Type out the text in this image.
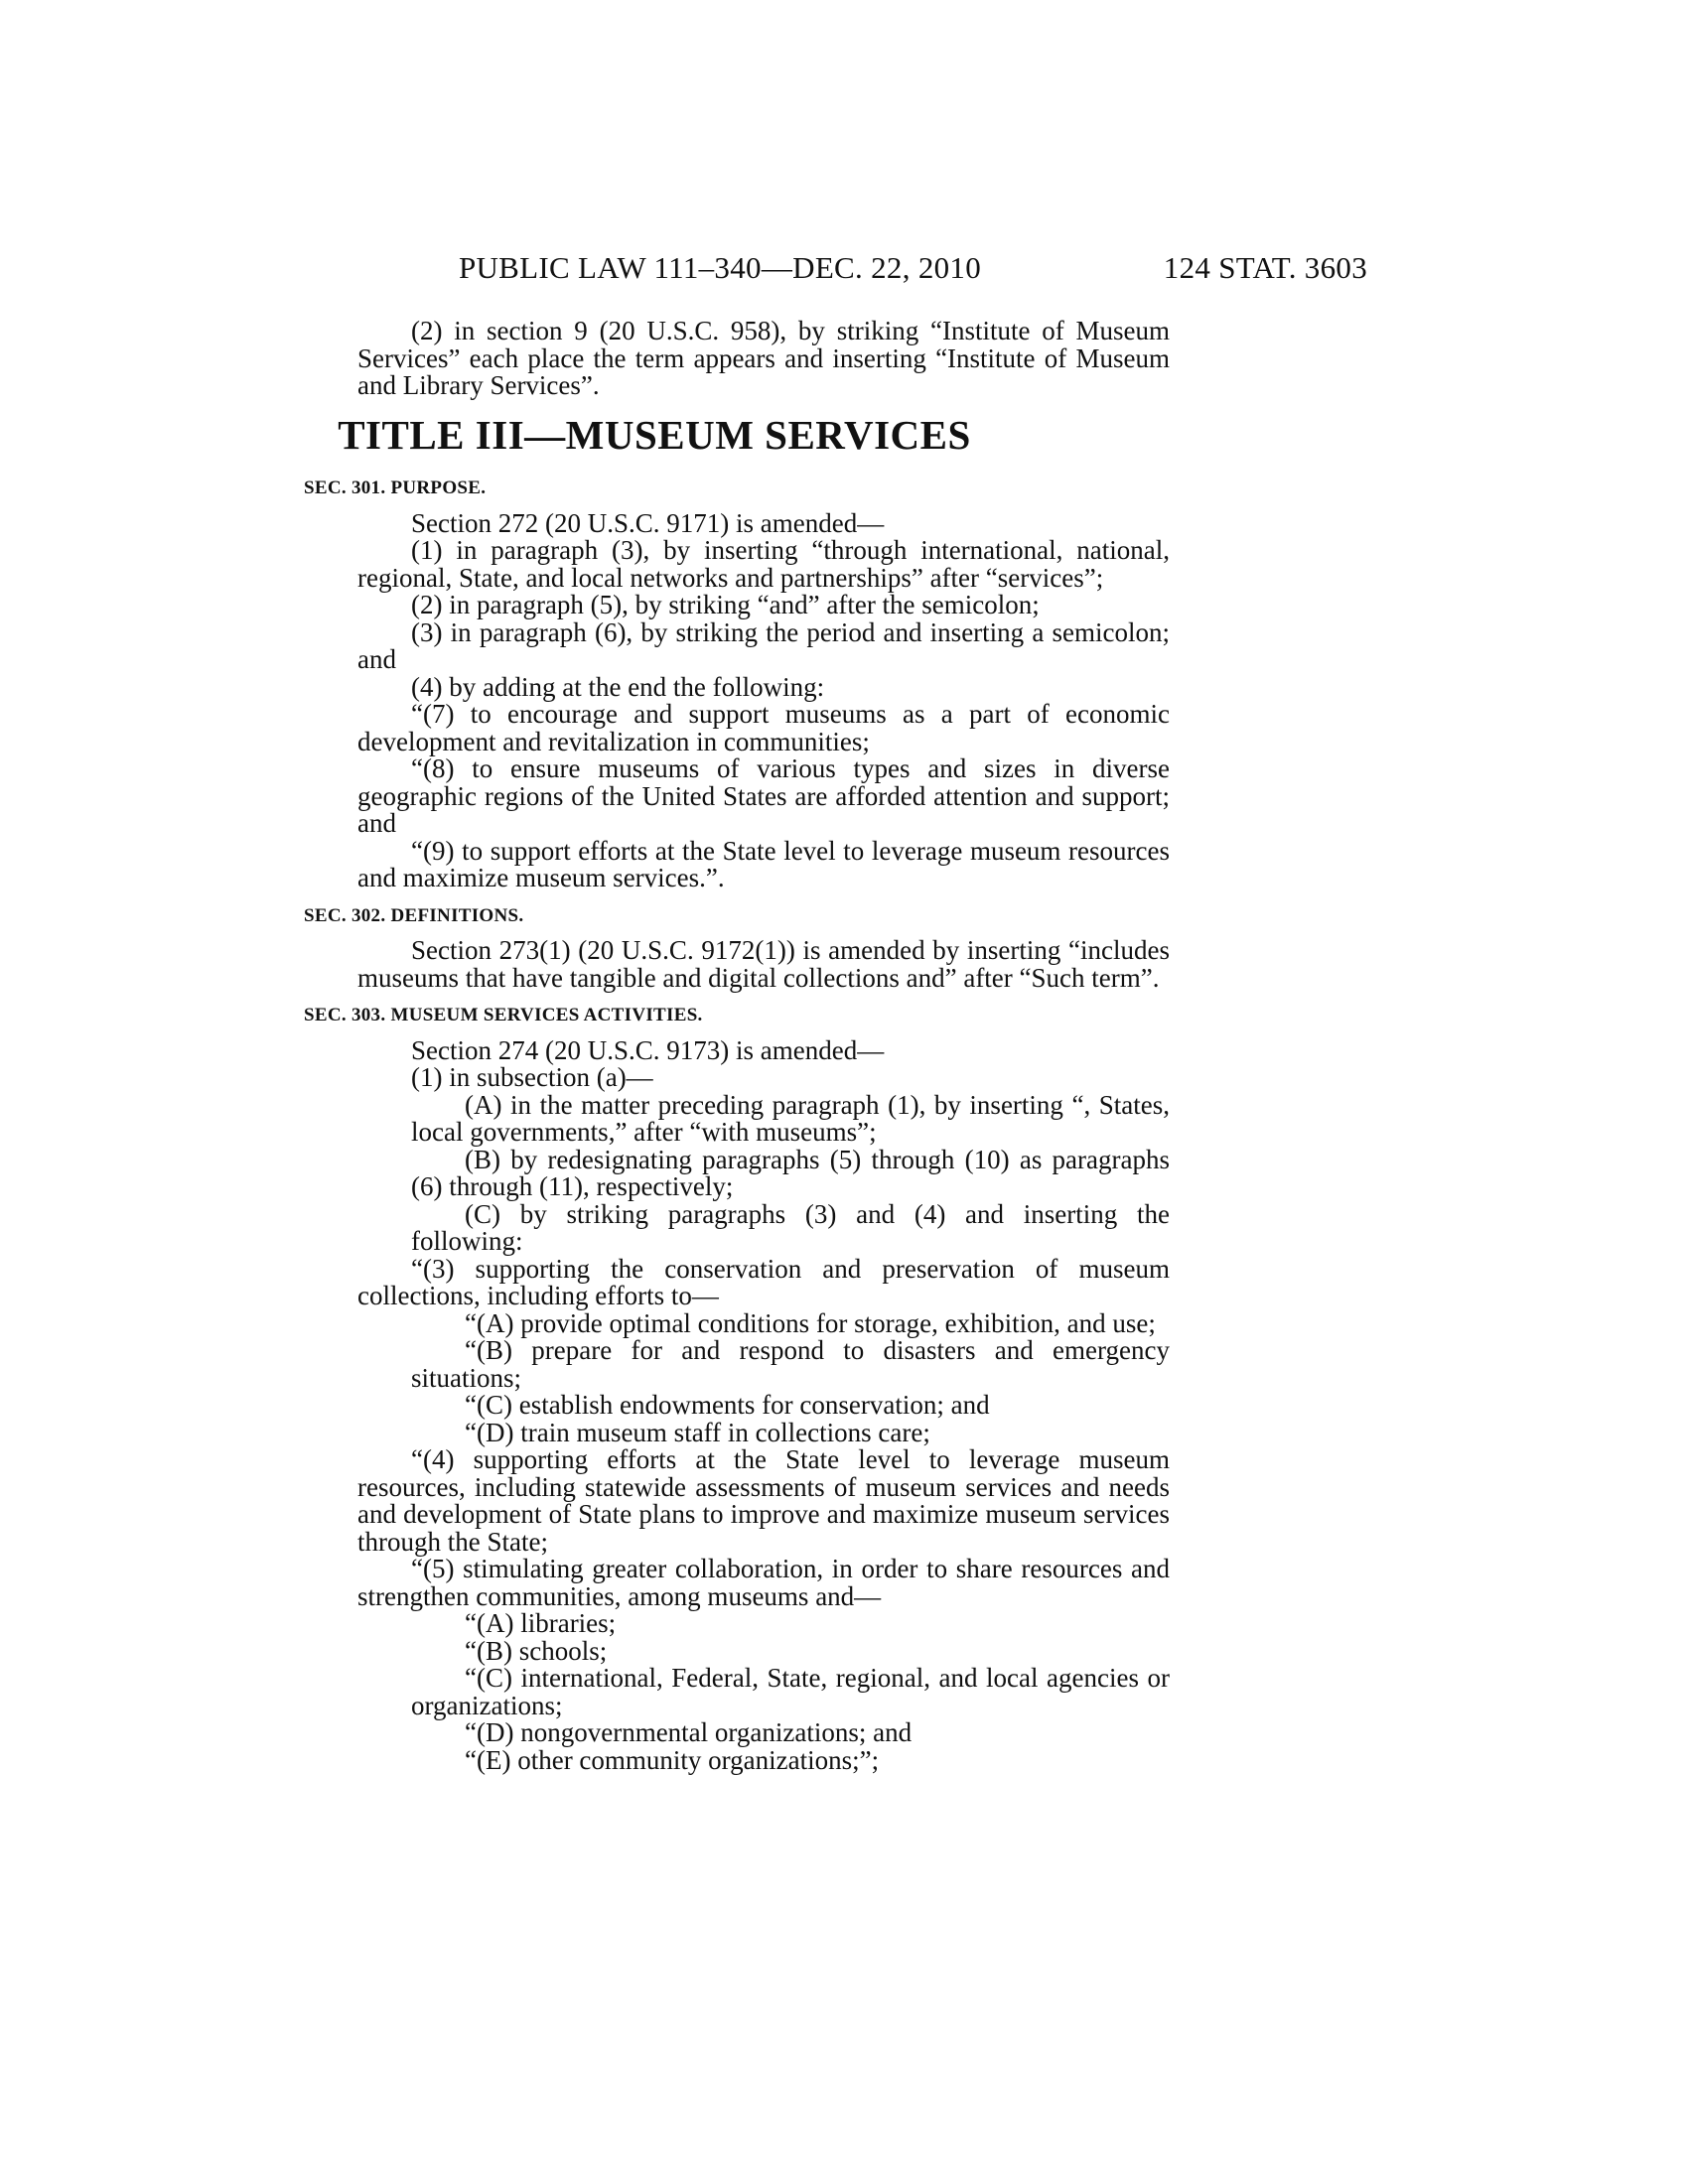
PUBLIC LAW 111–340—DEC. 22, 2010	124 STAT. 3603

(2) in section 9 (20 U.S.C. 958), by striking “Institute of Museum Services” each place the term appears and inserting “Institute of Museum and Library Services”.

TITLE III—MUSEUM SERVICES
SEC. 301. PURPOSE.

Section 272 (20 U.S.C. 9171) is amended—

(1) in paragraph (3), by inserting “through international, national, regional, State, and local networks and partnerships” after “services”;

(2) in paragraph (5), by striking “and” after the semicolon;

(3) in paragraph (6), by striking the period and inserting a semicolon; and

(4) by adding at the end the following:

“(7) to encourage and support museums as a part of economic development and revitalization in communities;

“(8) to ensure museums of various types and sizes in diverse geographic regions of the United States are afforded attention and support; and

“(9) to support efforts at the State level to leverage museum resources and maximize museum services.”.

SEC. 302. DEFINITIONS.

Section 273(1) (20 U.S.C. 9172(1)) is amended by inserting “includes museums that have tangible and digital collections and” after “Such term”.

SEC. 303. MUSEUM SERVICES ACTIVITIES.

Section 274 (20 U.S.C. 9173) is amended—

(1) in subsection (a)—

(A) in the matter preceding paragraph (1), by inserting “, States, local governments,” after “with museums”;

(B) by redesignating paragraphs (5) through (10) as paragraphs (6) through (11), respectively;

(C) by striking paragraphs (3) and (4) and inserting the following:

“(3) supporting the conservation and preservation of museum collections, including efforts to—

“(A) provide optimal conditions for storage, exhibition, and use;

“(B) prepare for and respond to disasters and emergency situations;

“(C) establish endowments for conservation; and

“(D) train museum staff in collections care;

“(4) supporting efforts at the State level to leverage museum resources, including statewide assessments of museum services and needs and development of State plans to improve and maximize museum services through the State;

“(5) stimulating greater collaboration, in order to share resources and strengthen communities, among museums and—

“(A) libraries;

“(B) schools;

“(C) international, Federal, State, regional, and local agencies or organizations;

“(D) nongovernmental organizations; and

“(E) other community organizations;”;
